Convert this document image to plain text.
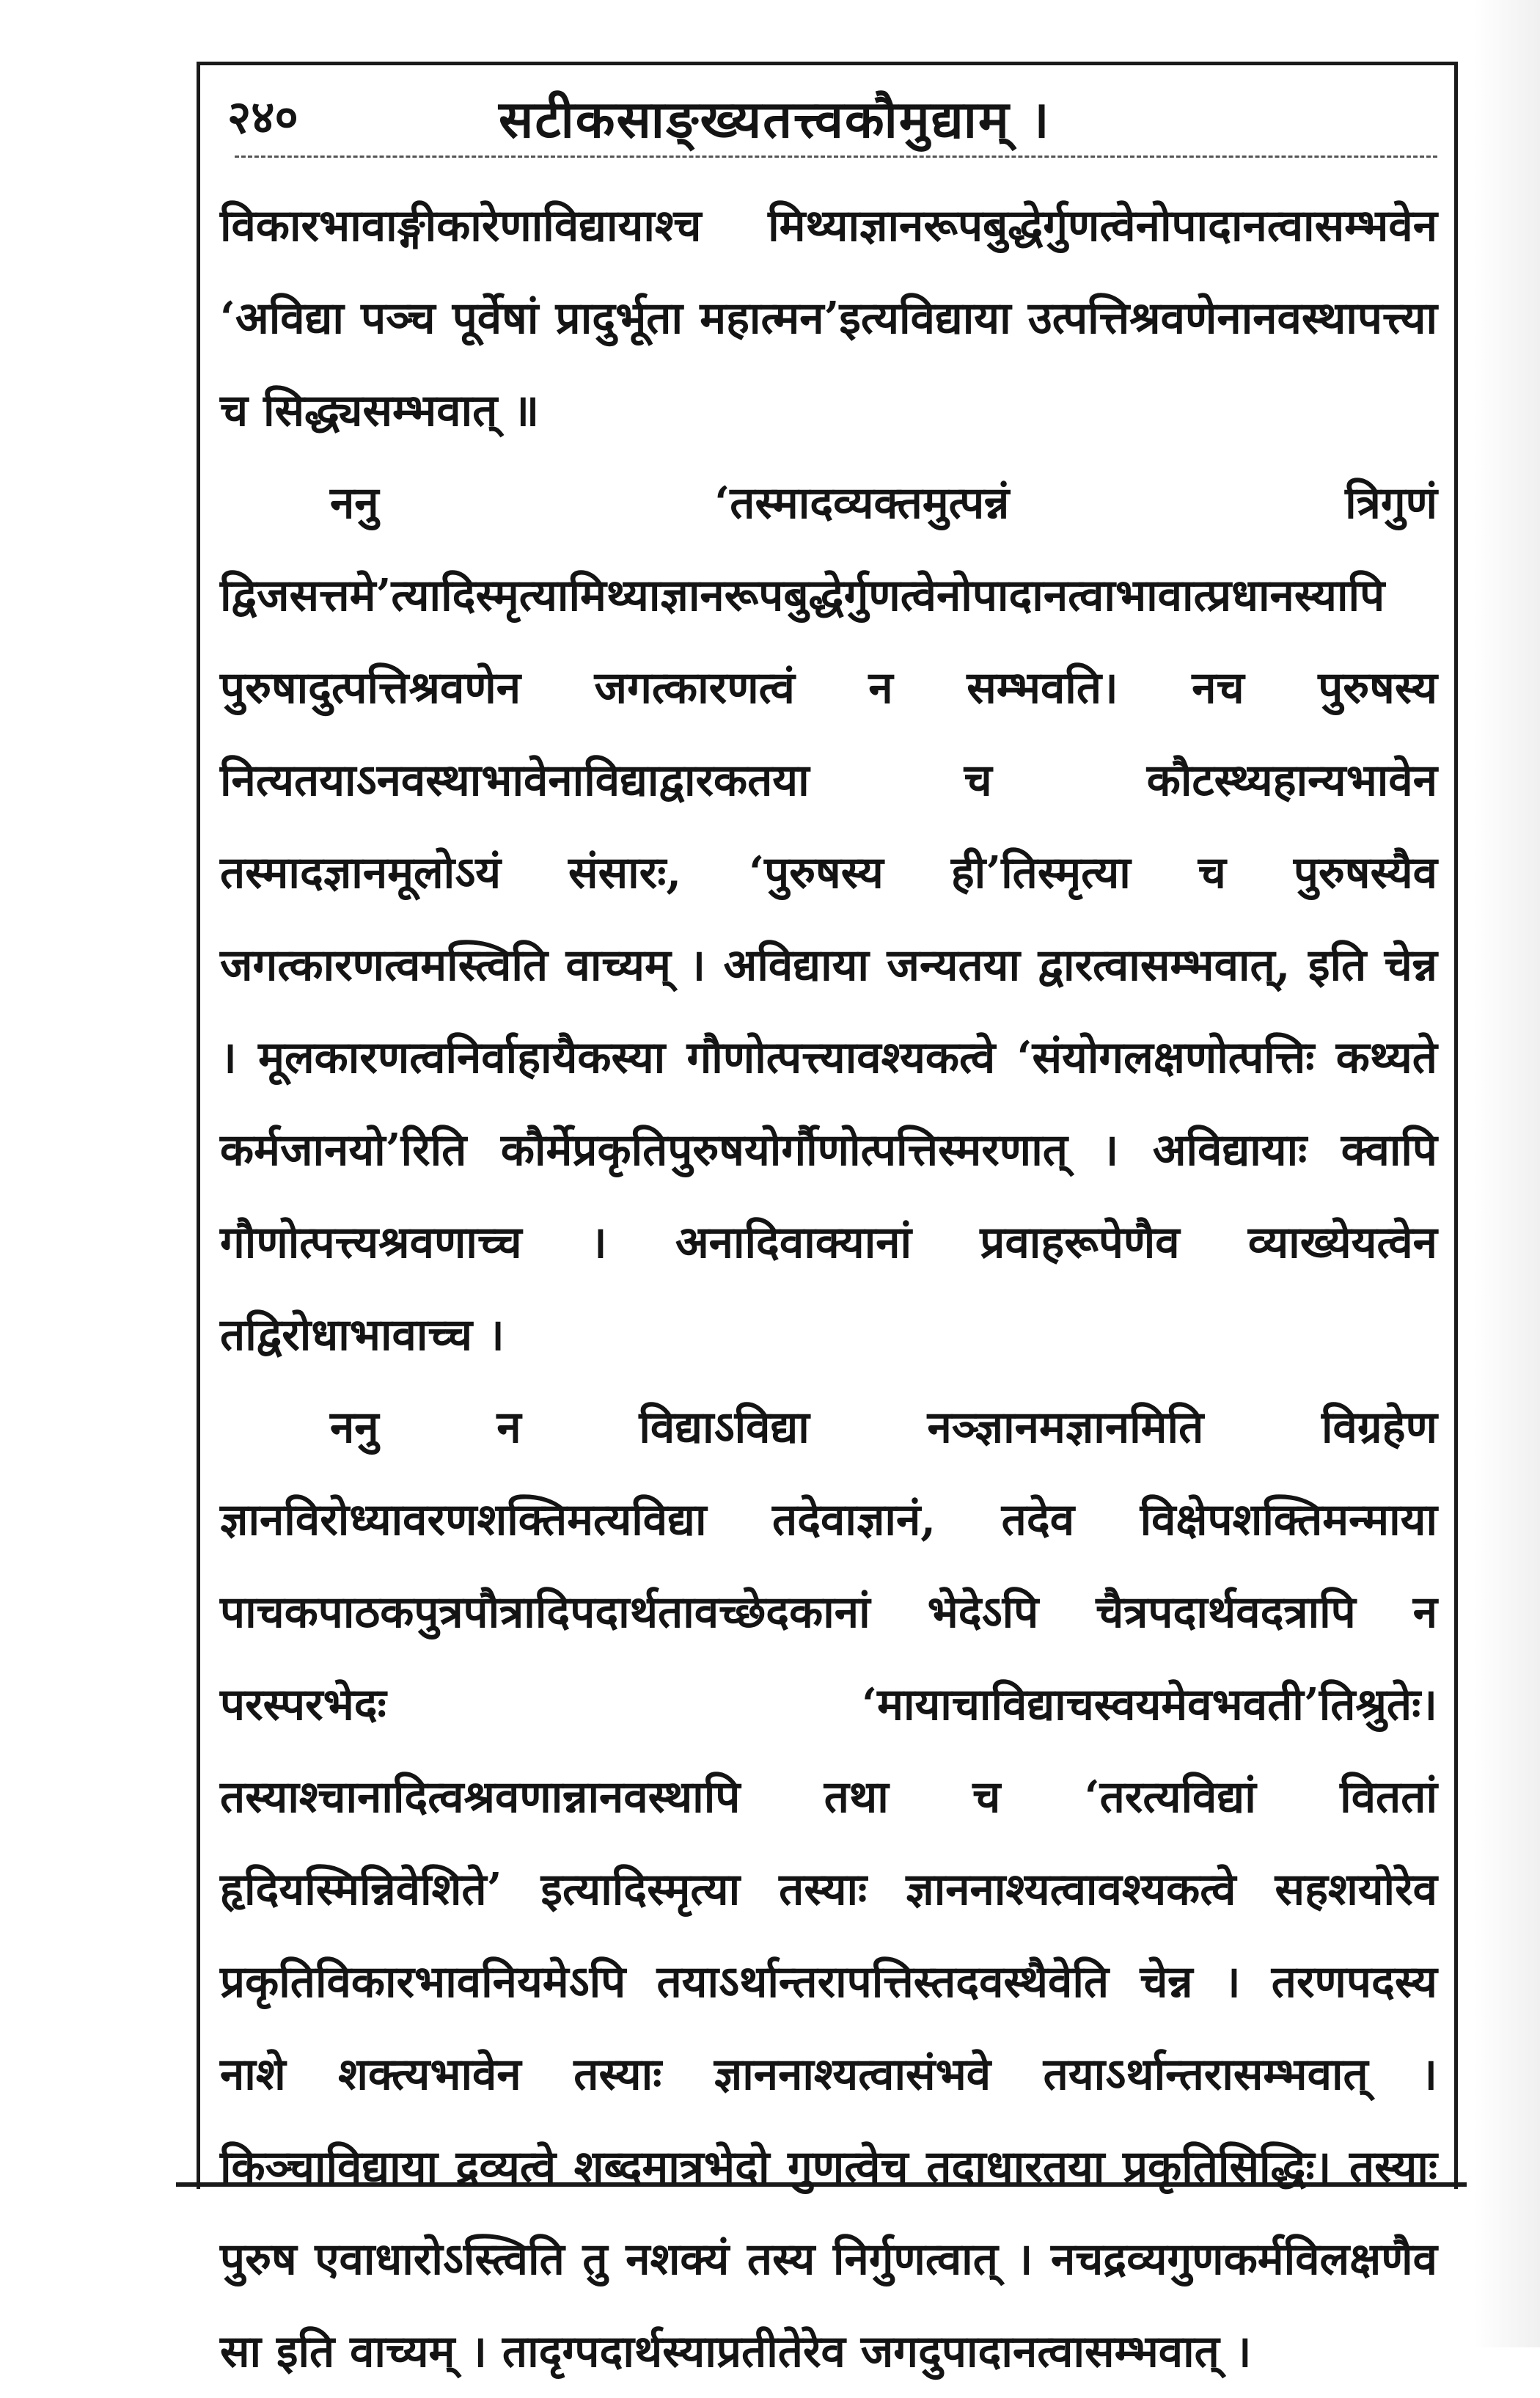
२४०	सटीकसाङ्ख्यतत्त्वकौमुद्याम् ।

विकारभावाङ्गीकारेणाविद्यायाश्च मिथ्याज्ञानरूपबुद्धेर्गुणत्वेनोपादानत्वासम्भवेन ‘अविद्या पञ्च पूर्वेषां प्रादुर्भूता महात्मन’इत्यविद्याया उत्पत्तिश्रवणेनानवस्थापत्त्या च सिद्ध्यसम्भवात् ॥

ननु ‘तस्मादव्यक्तमुत्पन्नं त्रिगुणं द्विजसत्तमे’त्यादिस्मृत्यामिथ्याज्ञानरूपबुद्धेर्गुणत्वेनोपादानत्वाभावात्प्रधानस्यापि पुरुषादुत्पत्तिश्रवणेन जगत्कारणत्वं न सम्भवति। नच पुरुषस्य नित्यतयाऽनवस्थाभावेनाविद्याद्वारकतया च कौटस्थ्यहान्यभावेन तस्मादज्ञानमूलोऽयं संसारः, ‘पुरुषस्य ही’तिस्मृत्या च पुरुषस्यैव जगत्कारणत्वमस्त्विति वाच्यम् । अविद्याया जन्यतया द्वारत्वासम्भवात्, इति चेन्न । मूलकारणत्वनिर्वाहायैकस्या गौणोत्पत्त्यावश्यकत्वे ‘संयोगलक्षणोत्पत्तिः कथ्यते कर्मजानयो’रिति कौर्मेप्रकृतिपुरुषयोर्गौणोत्पत्तिस्मरणात् । अविद्यायाः क्वापि गौणोत्पत्त्यश्रवणाच्च । अनादिवाक्यानां प्रवाहरूपेणैव व्याख्येयत्वेन तद्विरोधाभावाच्च ।

ननु न विद्याऽविद्या नञ्ज्ञानमज्ञानमिति विग्रहेण ज्ञानविरोध्यावरणशक्तिमत्यविद्या तदेवाज्ञानं, तदेव विक्षेपशक्तिमन्माया पाचकपाठकपुत्रपौत्रादिपदार्थतावच्छेदकानां भेदेऽपि चैत्रपदार्थवदत्रापि न परस्परभेदः ‘मायाचाविद्याचस्वयमेवभवती’तिश्रुतेः। तस्याश्चानादित्वश्रवणान्नानवस्थापि तथा च ‘तरत्यविद्यां विततां हृदियस्मिन्निवेशिते’ इत्यादिस्मृत्या तस्याः ज्ञाननाश्यत्वावश्यकत्वे सहशयोरेव प्रकृतिविकारभावनियमेऽपि तयाऽर्थान्तरापत्तिस्तदवस्थैवेति चेन्न । तरणपदस्य नाशे शक्त्यभावेन तस्याः ज्ञाननाश्यत्वासंभवे तयाऽर्थान्तरासम्भवात् । किञ्चाविद्याया द्रव्यत्वे शब्दमात्रभेदो गुणत्वेच तदाधारतया प्रकृतिसिद्धिः। तस्याः पुरुष एवाधारोऽस्त्विति तु नशक्यं तस्य निर्गुणत्वात् । नचद्रव्यगुणकर्मविलक्षणैव सा इति वाच्यम् । तादृग्पदार्थस्याप्रतीतेरेव जगदुपादानत्वासम्भवात् ।
